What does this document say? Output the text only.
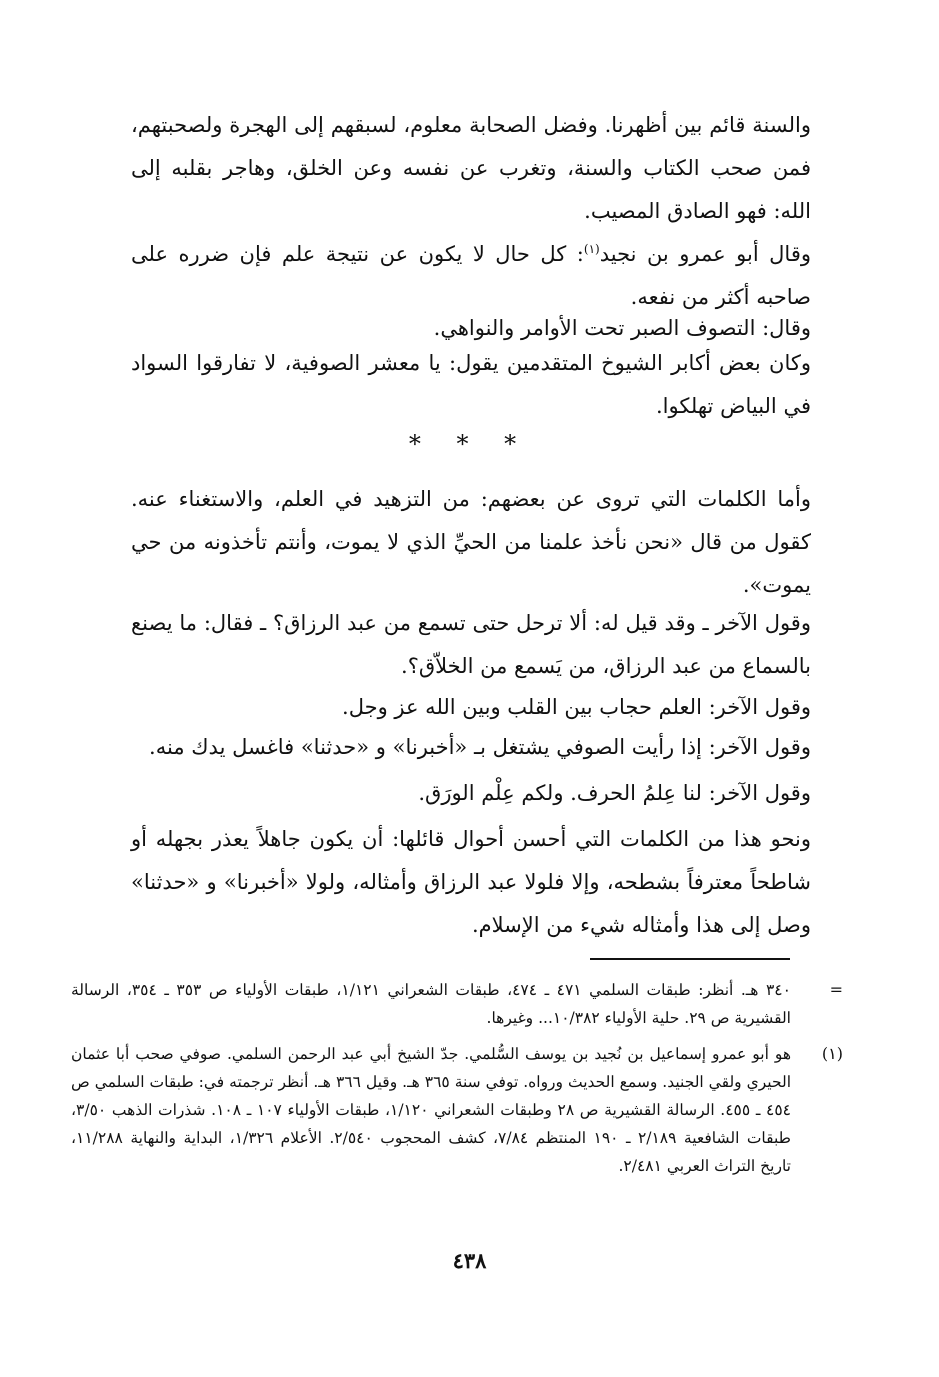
والسنة قائم بين أظهرنا. وفضل الصحابة معلوم، لسبقهم إلى الهجرة ولصحبتهم، فمن صحب الكتاب والسنة، وتغرب عن نفسه وعن الخلق، وهاجر بقلبه إلى الله: فهو الصادق المصيب.

وقال أبو عمرو بن نجيد$^{(١)}$: كل حال لا يكون عن نتيجة علم فإن ضرره على صاحبه أكثر من نفعه.

وقال: التصوف الصبر تحت الأوامر والنواهي.

وكان بعض أكابر الشيوخ المتقدمين يقول: يا معشر الصوفية، لا تفارقوا السواد في البياض تهلكوا.

* * *

وأما الكلمات التي تروى عن بعضهم: من التزهيد في العلم، والاستغناء عنه. كقول من قال «نحن نأخذ علمنا من الحيِّ الذي لا يموت، وأنتم تأخذونه من حي يموت».

وقول الآخر ـ وقد قيل له: ألا ترحل حتى تسمع من عبد الرزاق؟ ـ فقال: ما يصنع بالسماع من عبد الرزاق، من يَسمع من الخلاّق؟.

وقول الآخر: العلم حجاب بين القلب وبين الله عز وجل.

وقول الآخر: إذا رأيت الصوفي يشتغل بـ «أخبرنا» و «حدثنا» فاغسل يدك منه.

وقول الآخر: لنا عِلمُ الحرف. ولكم عِلْم الورَق.

ونحو هذا من الكلمات التي أحسن أحوال قائلها: أن يكون جاهلاً يعذر بجهله أو شاطحاً معترفاً بشطحه، وإلا فلولا عبد الرزاق وأمثاله، ولولا «أخبرنا» و «حدثنا» وصل إلى هذا وأمثاله شيء من الإسلام.

=
٣٤٠ هـ. أنظر: طبقات السلمي ٤٧١ ـ ٤٧٤، طبقات الشعراني ١/١٢١، طبقات الأولياء ص ٣٥٣ ـ ٣٥٤، الرسالة القشيرية ص ٢٩. حلية الأولياء ١٠/٣٨٢... وغيرها.

(١)
هو أبو عمرو إسماعيل بن نُجيد بن يوسف السُّلمي. جدّ الشيخ أبي عبد الرحمن السلمي. صوفي صحب أبا عثمان الحيري ولقي الجنيد. وسمع الحديث ورواه. توفي سنة ٣٦٥ هـ. وقيل ٣٦٦ هـ. أنظر ترجمته في: طبقات السلمي ص ٤٥٤ ـ ٤٥٥. الرسالة القشيرية ص ٢٨ وطبقات الشعراني ١/١٢٠، طبقات الأولياء ١٠٧ ـ ١٠٨. شذرات الذهب ٣/٥٠، طبقات الشافعية ٢/١٨٩ ـ ١٩٠ المنتظم ٧/٨٤، كشف المحجوب ٢/٥٤٠. الأعلام ١/٣٢٦، البداية والنهاية ١١/٢٨٨، تاريخ التراث العربي ٢/٤٨١.

٤٣٨
